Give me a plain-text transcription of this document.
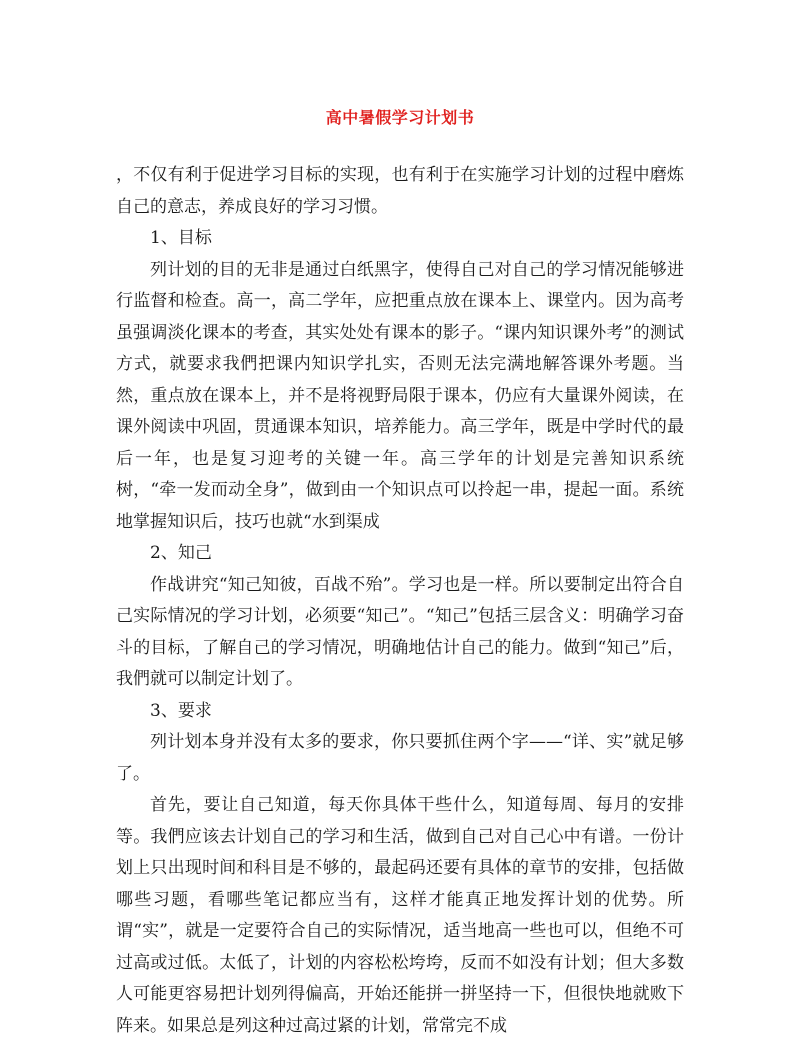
高中暑假学习计划书

，不仅有利于促进学习目标的实现，也有利于在实施学习计划的过程中磨炼自己的意志，养成良好的学习习惯。

1、目标

列计划的目的无非是通过白纸黑字，使得自己对自己的学习情况能够进行监督和检查。高一，高二学年，应把重点放在课本上、课堂内。因为高考虽强调淡化课本的考查，其实处处有课本的影子。“课内知识课外考”的测试方式，就要求我們把课内知识学扎实，否则无法完满地解答课外考题。当然，重点放在课本上，并不是将视野局限于课本，仍应有大量课外阅读，在课外阅读中巩固，贯通课本知识，培养能力。高三学年，既是中学时代的最后一年，也是复习迎考的关键一年。高三学年的计划是完善知识系统树，“牵一发而动全身”，做到由一个知识点可以拎起一串，提起一面。系统地掌握知识后，技巧也就“水到渠成

2、知己

作战讲究“知己知彼，百战不殆”。学习也是一样。所以要制定出符合自己实际情况的学习计划，必须要“知己”。“知己”包括三层含义：明确学习奋斗的目标，了解自己的学习情况，明确地估计自己的能力。做到“知己”后，我們就可以制定计划了。

3、要求

列计划本身并没有太多的要求，你只要抓住两个字——“详、实”就足够了。

首先，要让自己知道，每天你具体干些什么，知道每周、每月的安排等。我們应该去计划自己的学习和生活，做到自己对自己心中有谱。一份计划上只出现时间和科目是不够的，最起码还要有具体的章节的安排，包括做哪些习题，看哪些笔记都应当有，这样才能真正地发挥计划的优势。所谓“实”，就是一定要符合自己的实际情况，适当地高一些也可以，但绝不可过高或过低。太低了，计划的内容松松垮垮，反而不如没有计划；但大多数人可能更容易把计划列得偏高，开始还能拼一拼坚持一下，但很快地就败下阵来。如果总是列这种过高过紧的计划，常常完不成
